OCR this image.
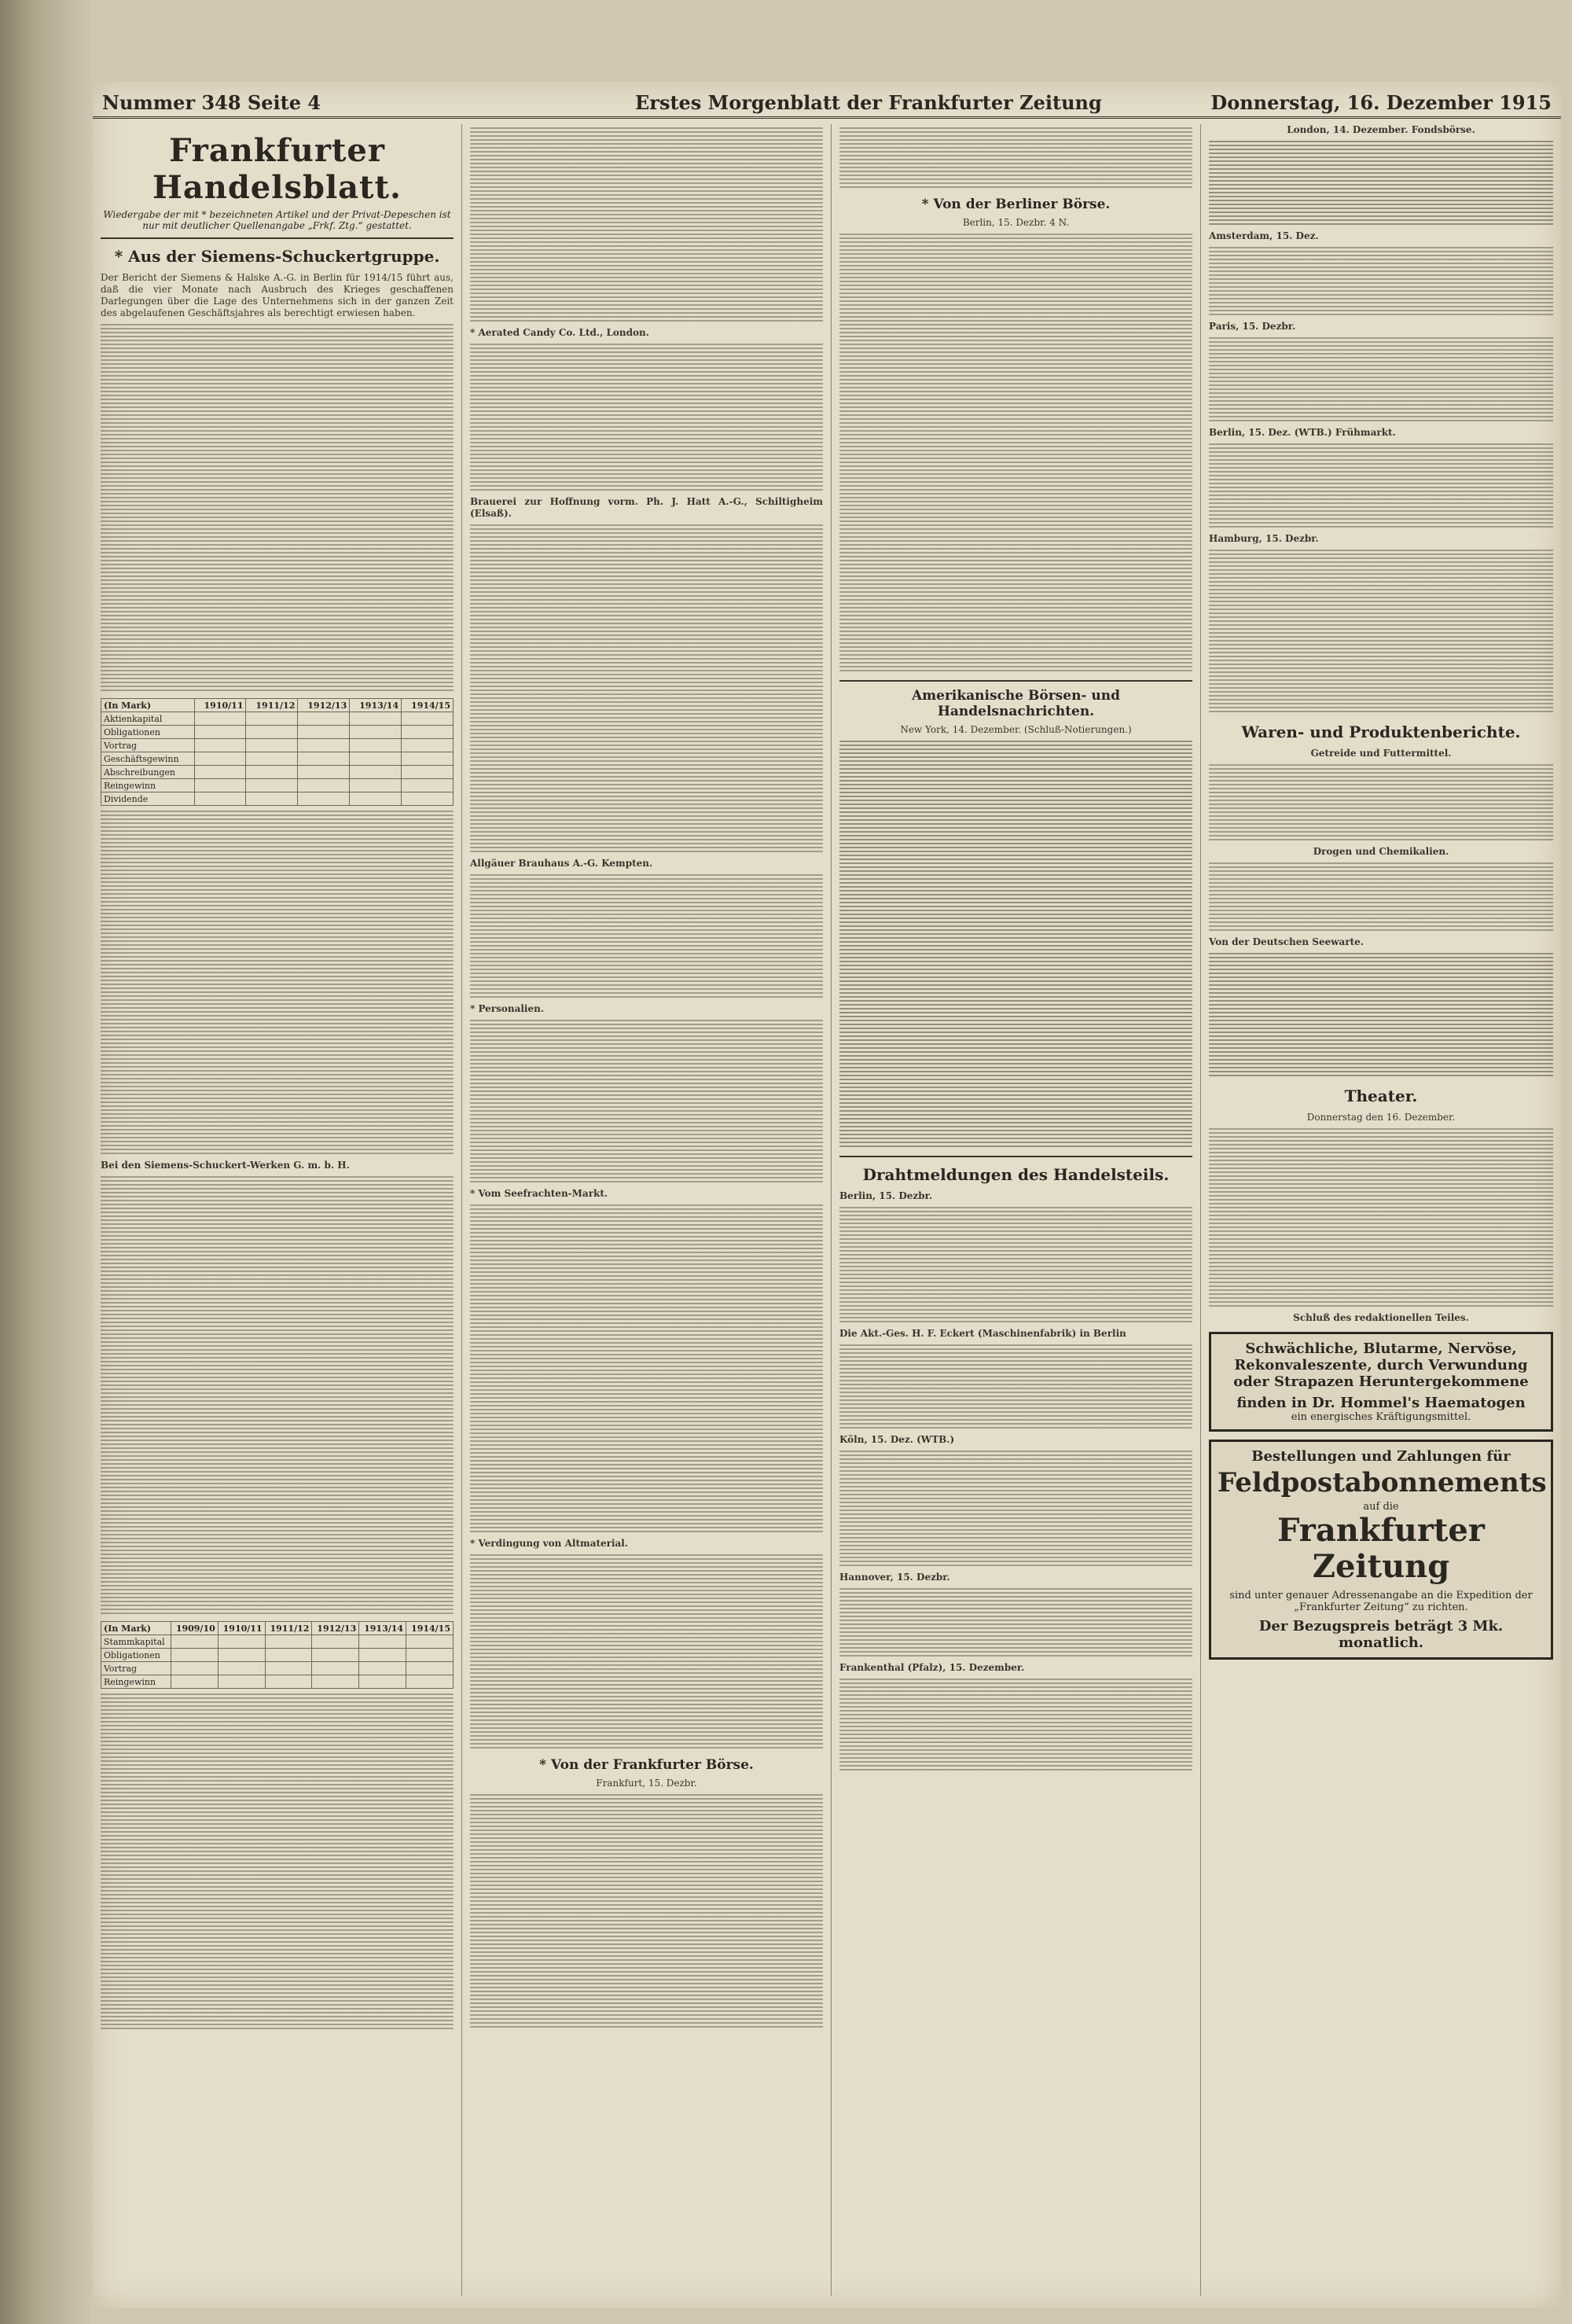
Nummer 348 Seite 4	Erstes Morgenblatt der Frankfurter Zeitung	Donnerstag, 16. Dezember 1915
Frankfurter Handelsblatt.
Wiedergabe der mit * bezeichneten Artikel und der Privat-Depeschen ist nur mit deutlicher Quellenangabe „Frkf. Ztg.“ gestattet.
* Aus der Siemens-Schuckertgruppe.

Der Bericht der Siemens & Halske A.-G. in Berlin für 1914/15 führt aus, daß die vier Monate nach Ausbruch des Krieges geschaffenen Darlegungen über die Lage des Unternehmens sich in der ganzen Zeit des abgelaufenen Geschäftsjahres als berechtigt erwiesen haben.

(In Mark)	1910/11	1911/12	1912/13	1913/14	1914/15
Aktienkapital					
Obligationen					
Vortrag					
Geschäftsgewinn					
Abschreibungen					
Reingewinn					
Dividende					

Bei den Siemens-Schuckert-Werken G. m. b. H.

(In Mark)	1909/10	1910/11	1911/12	1912/13	1913/14	1914/15
Stammkapital						
Obligationen						
Vortrag						
Reingewinn						

* Aerated Candy Co. Ltd., London.

Brauerei zur Hoffnung vorm. Ph. J. Hatt A.-G., Schiltigheim (Elsaß).

Allgäuer Brauhaus A.-G. Kempten.

* Personalien.

* Vom Seefrachten-Markt.

* Verdingung von Altmaterial.

* Von der Frankfurter Börse.

Frankfurt, 15. Dezbr.

* Von der Berliner Börse.

Berlin, 15. Dezbr. 4 N.

Amerikanische Börsen- und Handelsnachrichten.

New York, 14. Dezember. (Schluß-Notierungen.)

Drahtmeldungen des Handelsteils.

Berlin, 15. Dezbr.

Die Akt.-Ges. H. F. Eckert (Maschinenfabrik) in Berlin

Köln, 15. Dez. (WTB.)

Hannover, 15. Dezbr.

Frankenthal (Pfalz), 15. Dezember.

London, 14. Dezember. Fondsbörse.

Amsterdam, 15. Dez.

Paris, 15. Dezbr.

Berlin, 15. Dez. (WTB.) Frühmarkt.

Hamburg, 15. Dezbr.

Waren- und Produktenberichte.

Getreide und Futtermittel.

Drogen und Chemikalien.

Von der Deutschen Seewarte.

Theater.

Donnerstag den 16. Dezember.

Schluß des redaktionellen Teiles.

Schwächliche, Blutarme, Nervöse,
Rekonvaleszente, durch Verwundung
oder Strapazen Heruntergekommene
finden in Dr. Hommel's Haematogen
ein energisches Kräftigungsmittel.
Bestellungen und Zahlungen für
Feldpostabonnements
auf die
Frankfurter Zeitung
sind unter genauer Adressenangabe an die Expedition der „Frankfurter Zeitung“ zu richten.
Der Bezugspreis beträgt 3 Mk. monatlich.
